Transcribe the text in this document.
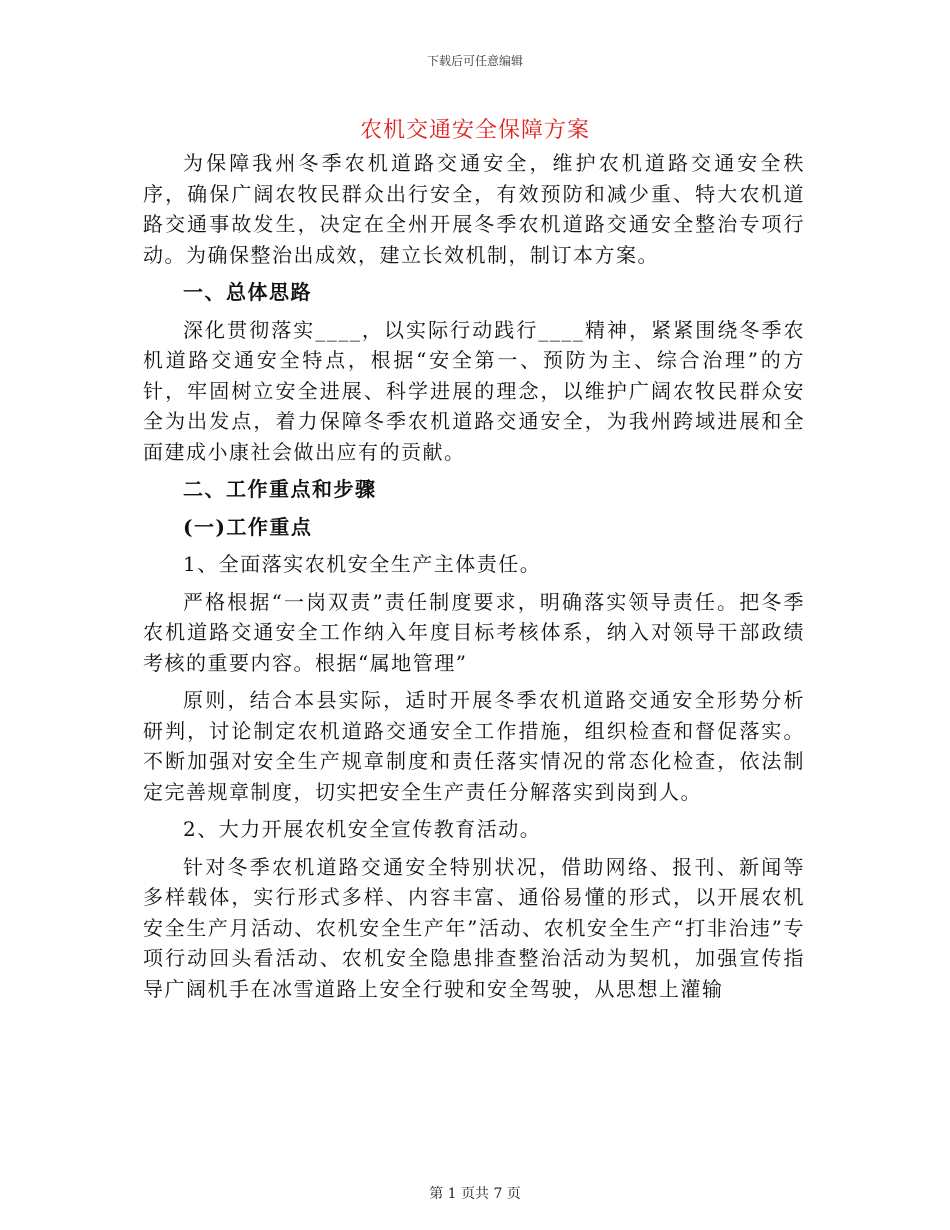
下载后可任意编辑
农机交通安全保障方案

为保障我州冬季农机道路交通安全，维护农机道路交通安全秩序，确保广阔农牧民群众出行安全，有效预防和减少重、特大农机道路交通事故发生，决定在全州开展冬季农机道路交通安全整治专项行动。为确保整治出成效，建立长效机制，制订本方案。

一、总体思路

深化贯彻落实____，以实际行动践行____精神，紧紧围绕冬季农机道路交通安全特点，根据“安全第一、预防为主、综合治理”的方针，牢固树立安全进展、科学进展的理念，以维护广阔农牧民群众安全为出发点，着力保障冬季农机道路交通安全，为我州跨域进展和全面建成小康社会做出应有的贡献。

二、工作重点和步骤

(一)工作重点

1、全面落实农机安全生产主体责任。

严格根据“一岗双责”责任制度要求，明确落实领导责任。把冬季农机道路交通安全工作纳入年度目标考核体系，纳入对领导干部政绩考核的重要内容。根据“属地管理”

原则，结合本县实际，适时开展冬季农机道路交通安全形势分析研判，讨论制定农机道路交通安全工作措施，组织检查和督促落实。不断加强对安全生产规章制度和责任落实情况的常态化检查，依法制定完善规章制度，切实把安全生产责任分解落实到岗到人。

2、大力开展农机安全宣传教育活动。

针对冬季农机道路交通安全特别状况，借助网络、报刊、新闻等多样载体，实行形式多样、内容丰富、通俗易懂的形式，以开展农机安全生产月活动、农机安全生产年”活动、农机安全生产“打非治违”专项行动回头看活动、农机安全隐患排查整治活动为契机，加强宣传指导广阔机手在冰雪道路上安全行驶和安全驾驶，从思想上灌输

第 1 页共 7 页
